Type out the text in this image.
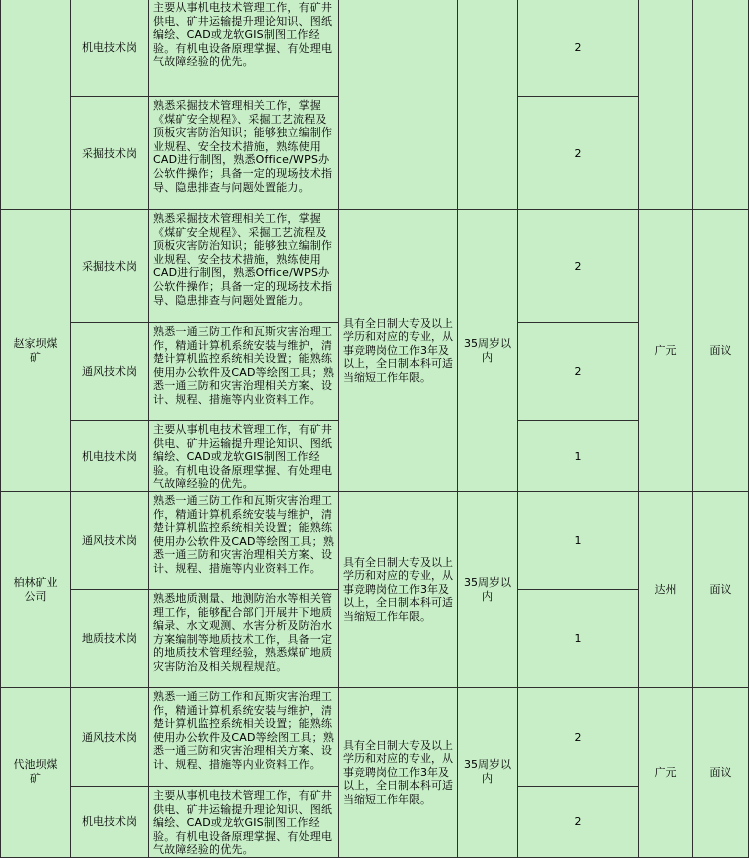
	机电技术岗	主要从事机电技术管理工作，有矿井供电、矿井运输提升理论知识、图纸编绘、CAD或龙软GIS制图工作经验。有机电设备原理掌握、有处理电气故障经验的优先。			2		
	采掘技术岗	熟悉采掘技术管理相关工作，掌握《煤矿安全规程》、采掘工艺流程及顶板灾害防治知识；能够独立编制作业规程、安全技术措施，熟练使用CAD进行制图，熟悉Office/WPS办公软件操作；具备一定的现场技术指导、隐患排查与问题处置能力。			2		
赵家坝煤矿	采掘技术岗	熟悉采掘技术管理相关工作，掌握《煤矿安全规程》、采掘工艺流程及顶板灾害防治知识；能够独立编制作业规程、安全技术措施，熟练使用CAD进行制图，熟悉Office/WPS办公软件操作；具备一定的现场技术指导、隐患排查与问题处置能力。	具有全日制大专及以上学历和对应的专业，从事竞聘岗位工作3年及以上，全日制本科可适当缩短工作年限。	35周岁以内	2	广元	面议
	通风技术岗	熟悉一通三防工作和瓦斯灾害治理工作，精通计算机系统安装与维护，清楚计算机监控系统相关设置；能熟练使用办公软件及CAD等绘图工具；熟悉一通三防和灾害治理相关方案、设计、规程、措施等内业资料工作。			2		
	机电技术岗	主要从事机电技术管理工作，有矿井供电、矿井运输提升理论知识、图纸编绘、CAD或龙软GIS制图工作经验。有机电设备原理掌握、有处理电气故障经验的优先。			1		
柏林矿业公司	通风技术岗	熟悉一通三防工作和瓦斯灾害治理工作，精通计算机系统安装与维护，清楚计算机监控系统相关设置；能熟练使用办公软件及CAD等绘图工具；熟悉一通三防和灾害治理相关方案、设计、规程、措施等内业资料工作。	具有全日制大专及以上学历和对应的专业，从事竞聘岗位工作3年及以上，全日制本科可适当缩短工作年限。	35周岁以内	1	达州	面议
	地质技术岗	熟悉地质测量、地测防治水等相关管理工作，能够配合部门开展井下地质编录、水文观测、水害分析及防治水方案编制等地质技术工作，具备一定的地质技术管理经验，熟悉煤矿地质灾害防治及相关规程规范。			1		
代池坝煤矿	通风技术岗	熟悉一通三防工作和瓦斯灾害治理工作，精通计算机系统安装与维护，清楚计算机监控系统相关设置；能熟练使用办公软件及CAD等绘图工具；熟悉一通三防和灾害治理相关方案、设计、规程、措施等内业资料工作。	具有全日制大专及以上学历和对应的专业，从事竞聘岗位工作3年及以上，全日制本科可适当缩短工作年限。	35周岁以内	2	广元	面议
	机电技术岗	主要从事机电技术管理工作，有矿井供电、矿井运输提升理论知识、图纸编绘、CAD或龙软GIS制图工作经验。有机电设备原理掌握、有处理电气故障经验的优先。			2		
